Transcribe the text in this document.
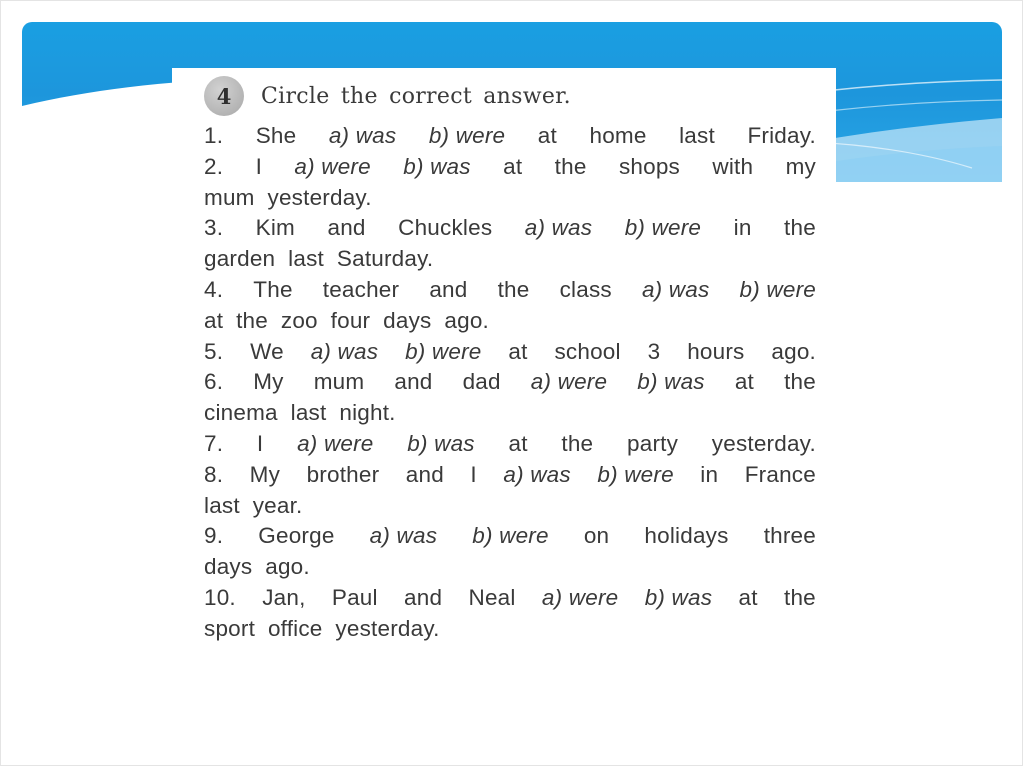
4	Circle the correct answer.
1. She a) was b) were at home last Friday.
2. I a) were b) was at the shops with my
mum yesterday.
3. Kim and Chuckles a) was b) were in the
garden last Saturday.
4. The teacher and the class a) was b) were
at the zoo four days ago.
5. We a) was b) were at school 3 hours ago.
6. My mum and dad a) were b) was at the
cinema last night.
7. I a) were b) was at the party yesterday.
8. My brother and I a) was b) were in France
last year.
9. George a) was b) were on holidays three
days ago.
10. Jan, Paul and Neal a) were b) was at the
sport office yesterday.
